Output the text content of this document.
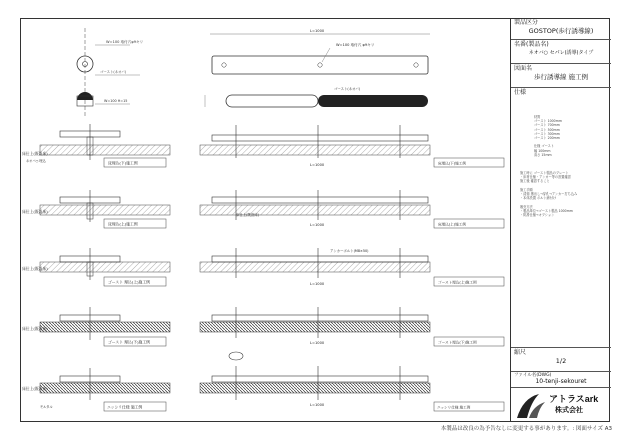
W=100 取付穴φ9キリ
ゴースト(ネオバ)
W=100 H=15
床埋込(下)施工例
床仕上(既設床)
ネオバ○ 埋込
床埋込(上)施工例
床仕上(既設床)
ゴースト 埋込(上)施工例
床仕上(既設床)
ゴースト 埋込(下)施工例
床仕上(既設床)
ニッシリ仕様 施工例
床仕上(既設床)
モルタル
L=1000
W=100 取付穴 φ9キリ
ゴースト(ネオバ)
L=1000	床埋込(下)施工例
L=1000	床埋込(上)施工例
床仕上(既設床)
L=1000	ゴースト埋込(上)施工例
アンカーボルト(M8×50)
L=1000	ゴースト埋込(下)施工例
L=1000
ニッシリ仕様 施工例
製品区分
GOSTOP(歩行誘導線)
名番(製品名)
ネオバ○ セパレ(誘導)タイプ
図面名
歩行誘導線 施工例
仕様
材質
ゴースト 1000mm
ゴースト 700mm
ゴースト 500mm
ゴースト 300mm
ゴースト 200mm

仕様 ゴースト
幅 100mm
高さ 15mm
施工時に ゴースト製品のプレート
・床材仕様・アンカー等の設置確認
施工後 確認すること

施工手順
・清掃 墨出し→穿孔→アンカー打ち込み
・本体設置 ボルト締付け

販売方法
・製品単位→ゴースト製品 1000mm
・防滑仕様→オプション
縮尺
1/2
ファイル名(DWG)
10-tenji-sekouret
アトラスark
株式会社
本製品は改良の為予告なしに変更する事があります。: 図面サイズ A3
